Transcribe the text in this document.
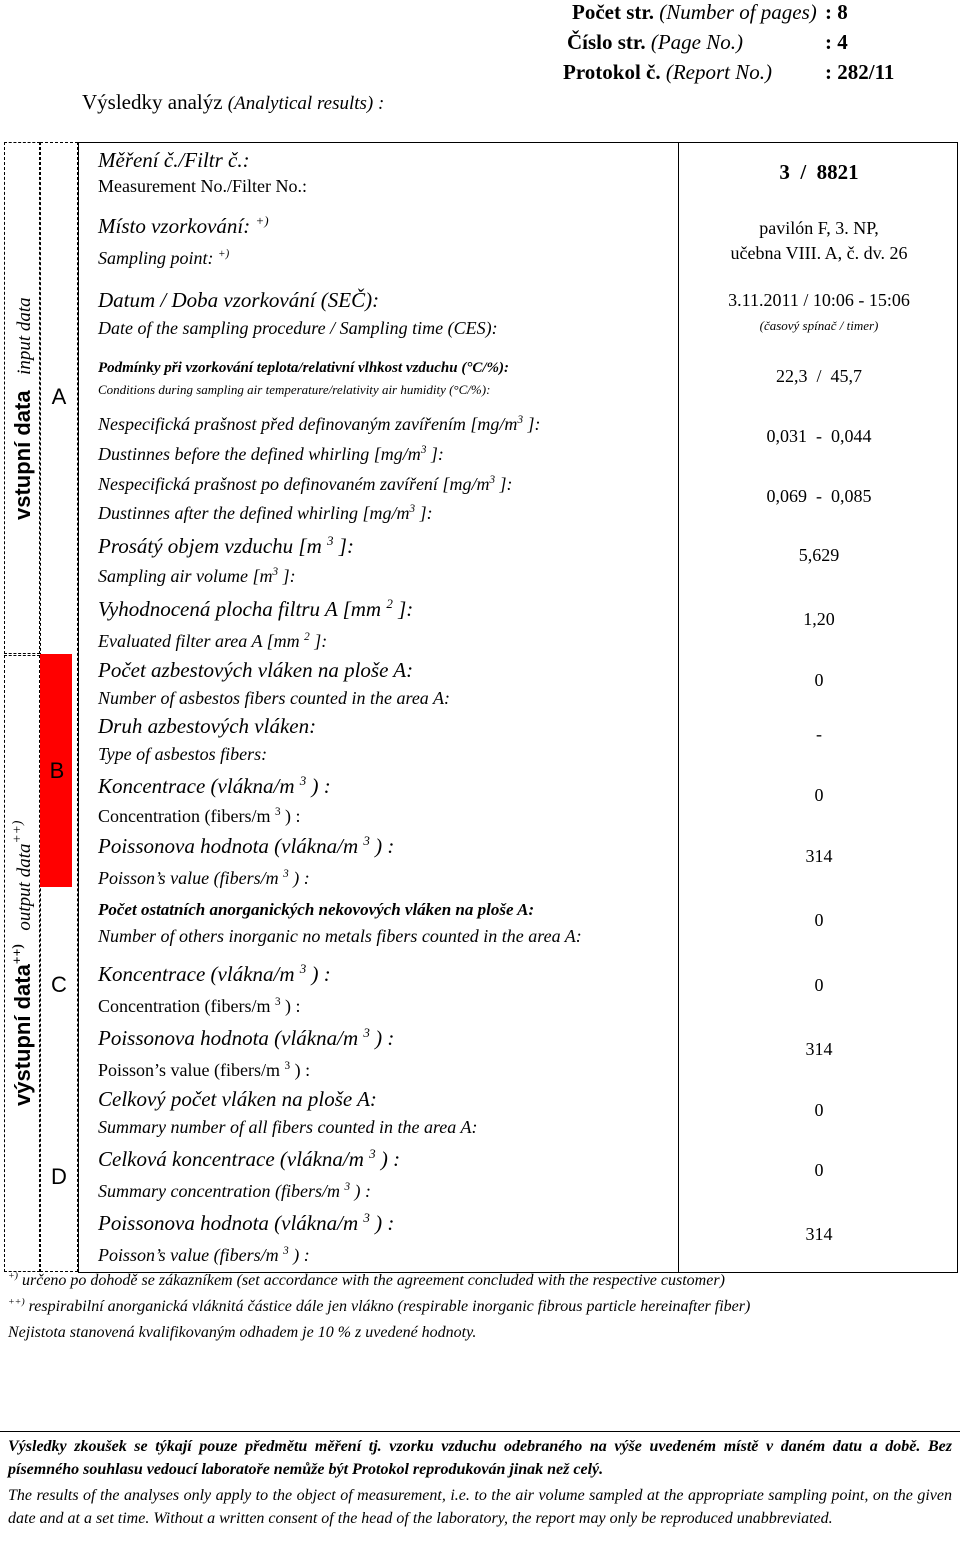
Počet str. (Number of pages) : 8
Číslo str. (Page No.)	: 4
Protokol č. (Report No.)	: 282/11
Výsledky analýz (Analytical results) :
A
B
C
D
vstupní data input data
výstupní data++) output data++)
Měření č./Filtr č.:
Measurement No./Filter No.:
3  /  8821
Místo vzorkování: +)
Sampling point: +)
pavilón F, 3. NP,
učebna VIII. A, č. dv. 26
Datum / Doba vzorkování (SEČ):
Date of the sampling procedure / Sampling time (CES):
3.11.2011 / 10:06 - 15:06
(časový spínač / timer)
Podmínky při vzorkování teplota/relativní vlhkost vzduchu (°C/%):
Conditions during sampling air temperature/relativity air humidity (°C/%):
22,3  /  45,7
Nespecifická prašnost před definovaným zavířením [$mg/m^3$ ]:
Dustinnes before the defined whirling [$mg/m^3$ ]:
0,031  -  0,044
Nespecifická prašnost po definovaném zavíření [$mg/m^3$ ]:
Dustinnes after the defined whirling [$mg/m^3$ ]:
0,069  -  0,085
Prosátý objem vzduchu [m $^3$ ]:
Sampling air volume [$m^3$ ]:
5,629
Vyhodnocená plocha filtru A [mm $^2$ ]:
Evaluated filter area A [mm $^2$ ]:
1,20
Počet azbestových vláken na ploše A:
Number of asbestos fibers counted in the area A:
0
Druh azbestových vláken:
Type of asbestos fibers:
-
Koncentrace (vlákna/m $^3$ ) :
Concentration (fibers/m $^3$ ) :
0
Poissonova hodnota (vlákna/m $^3$ ) :
Poisson’s value (fibers/m $^3$ ) :
314
Počet ostatních anorganických nekovových vláken na ploše A:
Number of others inorganic no metals fibers counted in the area A:
0
Koncentrace (vlákna/m $^3$ ) :
Concentration (fibers/m $^3$ ) :
0
Poissonova hodnota (vlákna/m $^3$ ) :
Poisson’s value (fibers/m $^3$ ) :
314
Celkový počet vláken na ploše A:
Summary number of all fibers counted in the area A:
0
Celková koncentrace (vlákna/m $^3$ ) :
Summary concentration (fibers/m $^3$ ) :
0
Poissonova hodnota (vlákna/m $^3$ ) :
Poisson’s value (fibers/m $^3$ ) :
314
+) určeno po dohodě se zákazníkem (set accordance with the agreement concluded with the respective customer)
++) respirabilní anorganická vláknitá částice dále jen vlákno (respirable inorganic fibrous particle hereinafter fiber)
Nejistota stanovená kvalifikovaným odhadem je 10 % z uvedené hodnoty.
Výsledky zkoušek se týkají pouze předmětu měření tj. vzorku vzduchu odebraného na výše uvedeném místě v daném datu a době. Bez písemného souhlasu vedoucí laboratoře nemůže být Protokol reprodukován jinak než celý.
The results of the analyses only apply to the object of measurement, i.e. to the air volume sampled at the appropriate sampling point, on the given date and at a set time. Without a written consent of the head of the laboratory, the report may only be reproduced unabbreviated.
